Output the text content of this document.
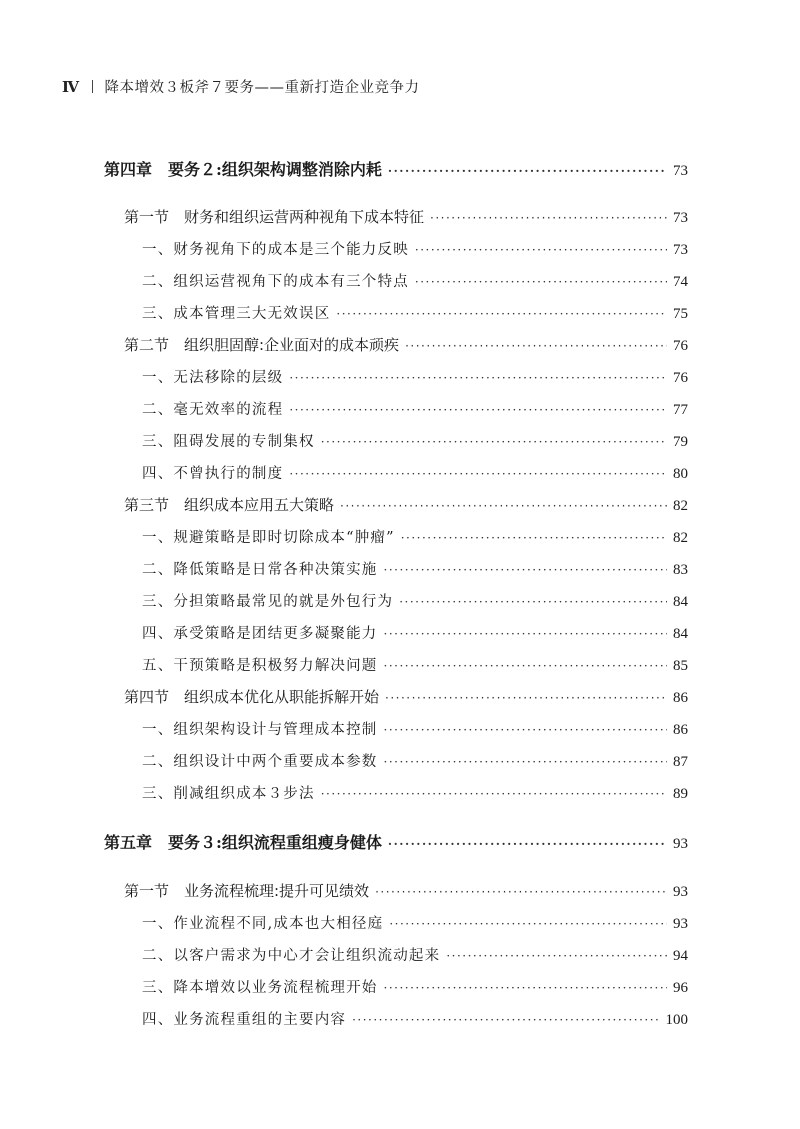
Ⅳ 降本增效３板斧７要务——重新打造企业竞争力
第四章　要务２:组织架构调整消除内耗 ·····	73
第一节　财务和组织运营两种视角下成本特征 ·····	73
一、财务视角下的成本是三个能力反映 ·····	73
二、组织运营视角下的成本有三个特点 ·····	74
三、成本管理三大无效误区 ·····	75
第二节　组织胆固醇:企业面对的成本顽疾 ·····	76
一、无法移除的层级 ·····	76
二、毫无效率的流程 ·····	77
三、阻碍发展的专制集权 ·····	79
四、不曾执行的制度 ·····	80
第三节　组织成本应用五大策略 ·····	82
一、规避策略是即时切除成本“肿瘤” ·····	82
二、降低策略是日常各种决策实施 ·····	83
三、分担策略最常见的就是外包行为 ·····	84
四、承受策略是团结更多凝聚能力 ·····	84
五、干预策略是积极努力解决问题 ·····	85
第四节　组织成本优化从职能拆解开始 ·····	86
一、组织架构设计与管理成本控制 ·····	86
二、组织设计中两个重要成本参数 ·····	87
三、削减组织成本３步法 ·····	89
第五章　要务３:组织流程重组瘦身健体 ·····	93
第一节　业务流程梳理:提升可见绩效 ·····	93
一、作业流程不同,成本也大相径庭 ·····	93
二、以客户需求为中心才会让组织流动起来 ·····	94
三、降本增效以业务流程梳理开始 ·····	96
四、业务流程重组的主要内容 ·····	100
